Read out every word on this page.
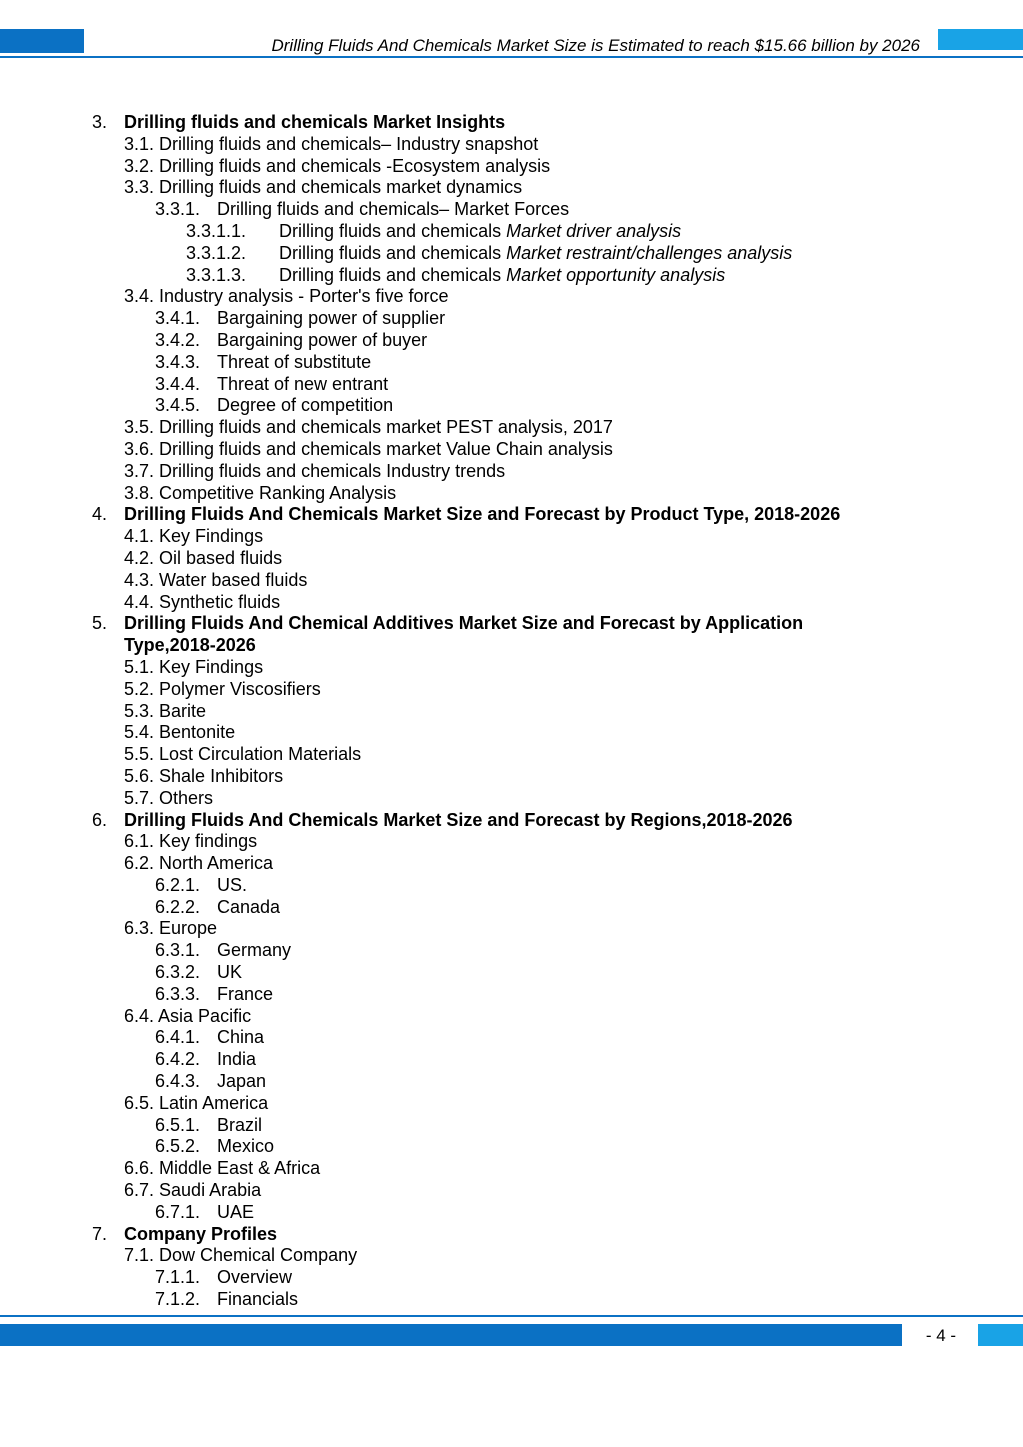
Drilling Fluids And Chemicals Market Size is Estimated to reach $15.66 billion by 2026
3. Drilling fluids and chemicals Market Insights
3.1. Drilling fluids and chemicals– Industry snapshot
3.2. Drilling fluids and chemicals -Ecosystem analysis
3.3. Drilling fluids and chemicals market dynamics
3.3.1. Drilling fluids and chemicals– Market Forces
3.3.1.1. Drilling fluids and chemicals Market driver analysis
3.3.1.2. Drilling fluids and chemicals Market restraint/challenges analysis
3.3.1.3. Drilling fluids and chemicals Market opportunity analysis
3.4. Industry analysis - Porter's five force
3.4.1. Bargaining power of supplier
3.4.2. Bargaining power of buyer
3.4.3. Threat of substitute
3.4.4. Threat of new entrant
3.4.5. Degree of competition
3.5. Drilling fluids and chemicals market PEST analysis, 2017
3.6. Drilling fluids and chemicals market Value Chain analysis
3.7. Drilling fluids and chemicals Industry trends
3.8. Competitive Ranking Analysis
4. Drilling Fluids And Chemicals Market Size and Forecast by Product Type, 2018-2026
4.1. Key Findings
4.2. Oil based fluids
4.3. Water based fluids
4.4. Synthetic fluids
5. Drilling Fluids And Chemical Additives Market Size and Forecast by Application
Type,2018-2026
5.1. Key Findings
5.2. Polymer Viscosifiers
5.3. Barite
5.4. Bentonite
5.5. Lost Circulation Materials
5.6. Shale Inhibitors
5.7. Others
6. Drilling Fluids And Chemicals Market Size and Forecast by Regions,2018-2026
6.1. Key findings
6.2. North America
6.2.1. US.
6.2.2. Canada
6.3. Europe
6.3.1. Germany
6.3.2. UK
6.3.3. France
6.4. Asia Pacific
6.4.1. China
6.4.2. India
6.4.3. Japan
6.5. Latin America
6.5.1. Brazil
6.5.2. Mexico
6.6. Middle East & Africa
6.7. Saudi Arabia
6.7.1. UAE
7. Company Profiles
7.1. Dow Chemical Company
7.1.1. Overview
7.1.2. Financials
- 4 -
